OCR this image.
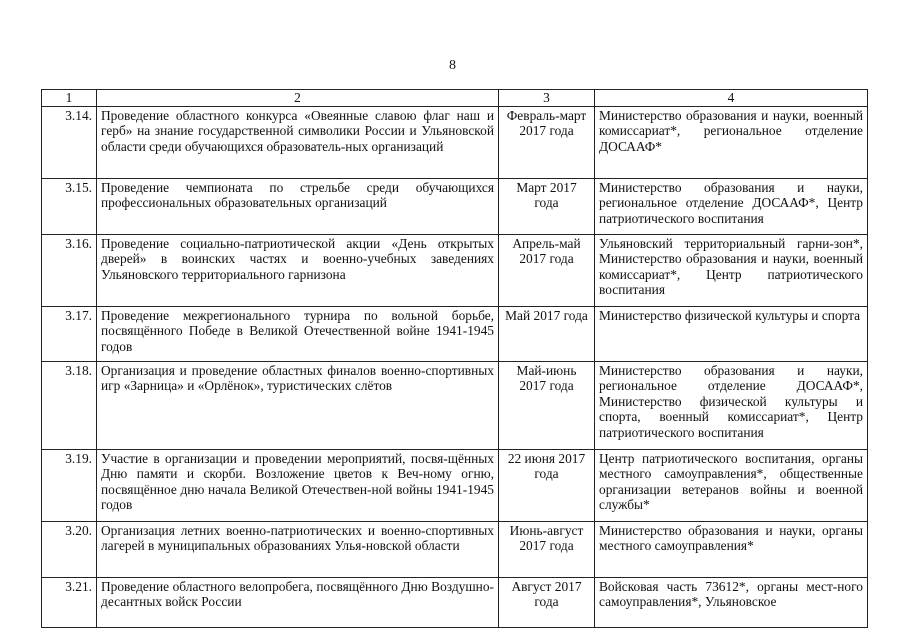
8
1	2	3	4
3.14.	Проведение областного конкурса «Овеянные славою флаг наш и герб» на знание государственной символики России и Ульяновской области среди обучающихся образователь-ных организаций	Февраль-март 2017 года	Министерство образования и науки, военный комиссариат*, региональное отделение ДОСААФ*
3.15.	Проведение чемпионата по стрельбе среди обучающихся профессиональных образовательных организаций	Март 2017 года	Министерство образования и науки, региональное отделение ДОСААФ*, Центр патриотического воспитания
3.16.	Проведение социально-патриотической акции «День открытых дверей» в воинских частях и военно-учебных заведениях Ульяновского территориального гарнизона	Апрель-май 2017 года	Ульяновский территориальный гарни-зон*, Министерство образования и науки, военный комиссариат*, Центр патриотического воспитания
3.17.	Проведение межрегионального турнира по вольной борьбе, посвящённого Победе в Великой Отечественной войне 1941-1945 годов	Май 2017 года	Министерство физической культуры и спорта
3.18.	Организация и проведение областных финалов военно-спортивных игр «Зарница» и «Орлёнок», туристических слётов	Май-июнь 2017 года	Министерство образования и науки, региональное отделение ДОСААФ*, Министерство физической культуры и спорта, военный комиссариат*, Центр патриотического воспитания
3.19.	Участие в организации и проведении мероприятий, посвя-щённых Дню памяти и скорби. Возложение цветов к Веч-ному огню, посвящённое дню начала Великой Отечествен-ной войны 1941-1945 годов	22 июня 2017 года	Центр патриотического воспитания, органы местного самоуправления*, общественные организации ветеранов войны и военной службы*
3.20.	Организация летних военно-патриотических и военно-спортивных лагерей в муниципальных образованиях Улья-новской области	Июнь-август 2017 года	Министерство образования и науки, органы местного самоуправления*
3.21.	Проведение областного велопробега, посвящённого Дню Воздушно-десантных войск России	Август 2017 года	Войсковая часть 73612*, органы мест-ного самоуправления*, Ульяновское
